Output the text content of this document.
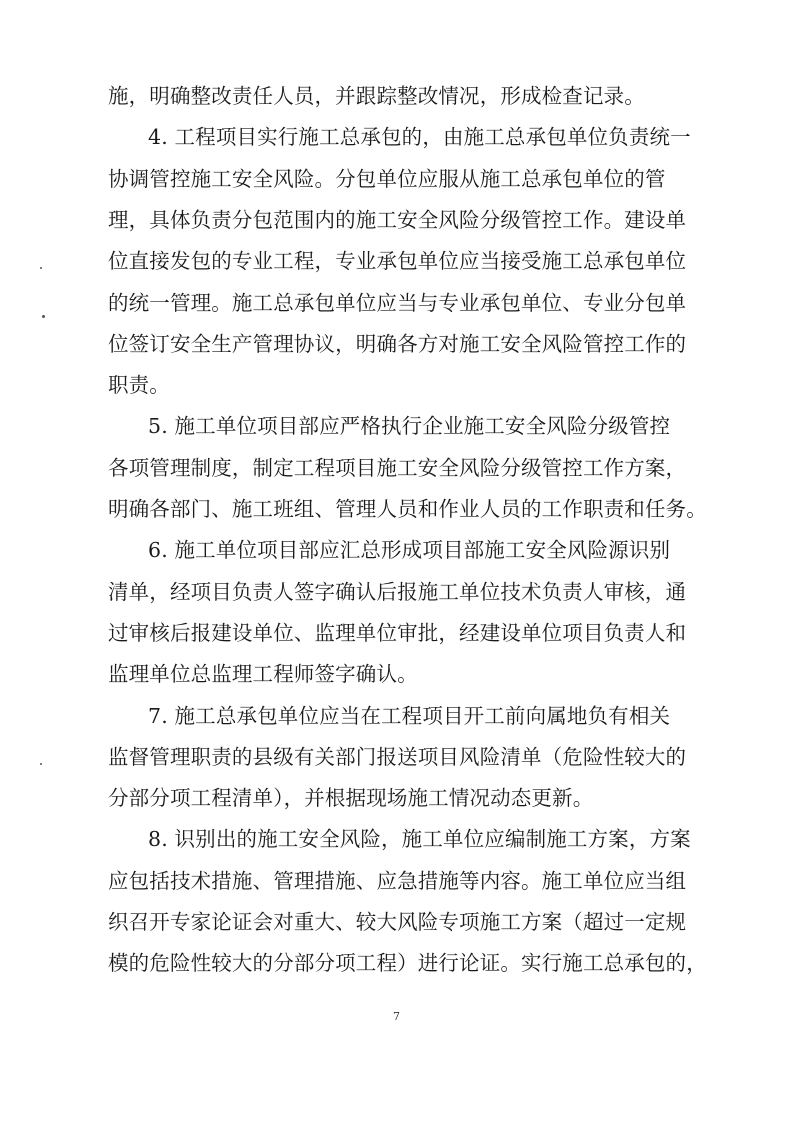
施，明确整改责任人员，并跟踪整改情况，形成检查记录。
4. 工程项目实行施工总承包的，由施工总承包单位负责统一
协调管控施工安全风险。分包单位应服从施工总承包单位的管
理，具体负责分包范围内的施工安全风险分级管控工作。建设单
位直接发包的专业工程，专业承包单位应当接受施工总承包单位
的统一管理。施工总承包单位应当与专业承包单位、专业分包单
位签订安全生产管理协议，明确各方对施工安全风险管控工作的
职责。
5. 施工单位项目部应严格执行企业施工安全风险分级管控
各项管理制度，制定工程项目施工安全风险分级管控工作方案，
明确各部门、施工班组、管理人员和作业人员的工作职责和任务。
6. 施工单位项目部应汇总形成项目部施工安全风险源识别
清单，经项目负责人签字确认后报施工单位技术负责人审核，通
过审核后报建设单位、监理单位审批，经建设单位项目负责人和
监理单位总监理工程师签字确认。
7. 施工总承包单位应当在工程项目开工前向属地负有相关
监督管理职责的县级有关部门报送项目风险清单（危险性较大的
分部分项工程清单），并根据现场施工情况动态更新。
8. 识别出的施工安全风险，施工单位应编制施工方案，方案
应包括技术措施、管理措施、应急措施等内容。施工单位应当组
织召开专家论证会对重大、较大风险专项施工方案（超过一定规
模的危险性较大的分部分项工程）进行论证。实行施工总承包的，
7
